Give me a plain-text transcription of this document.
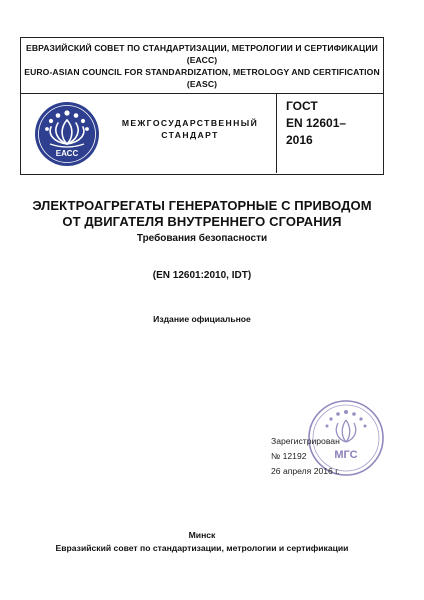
ЕВРАЗИЙСКИЙ СОВЕТ ПО СТАНДАРТИЗАЦИИ, МЕТРОЛОГИИ И СЕРТИФИКАЦИИ
(ЕАСС)
EURO-ASIAN COUNCIL FOR STANDARDIZATION, METROLOGY AND CERTIFICATION
(EASC)
ЕАСС
МЕЖГОСУДАРСТВЕННЫЙ
СТАНДАРТ
ГОСТ
EN 12601–
2016
ЭЛЕКТРОАГРЕГАТЫ ГЕНЕРАТОРНЫЕ С ПРИВОДОМ
ОТ ДВИГАТЕЛЯ ВНУТРЕННЕГО СГОРАНИЯ
Требования безопасности
(EN 12601:2010, IDT)
Издание официальное
МГС
Зарегистрирован
№ 12192
26 апреля 2016 г.
Минск
Евразийский совет по стандартизации, метрологии и сертификации
